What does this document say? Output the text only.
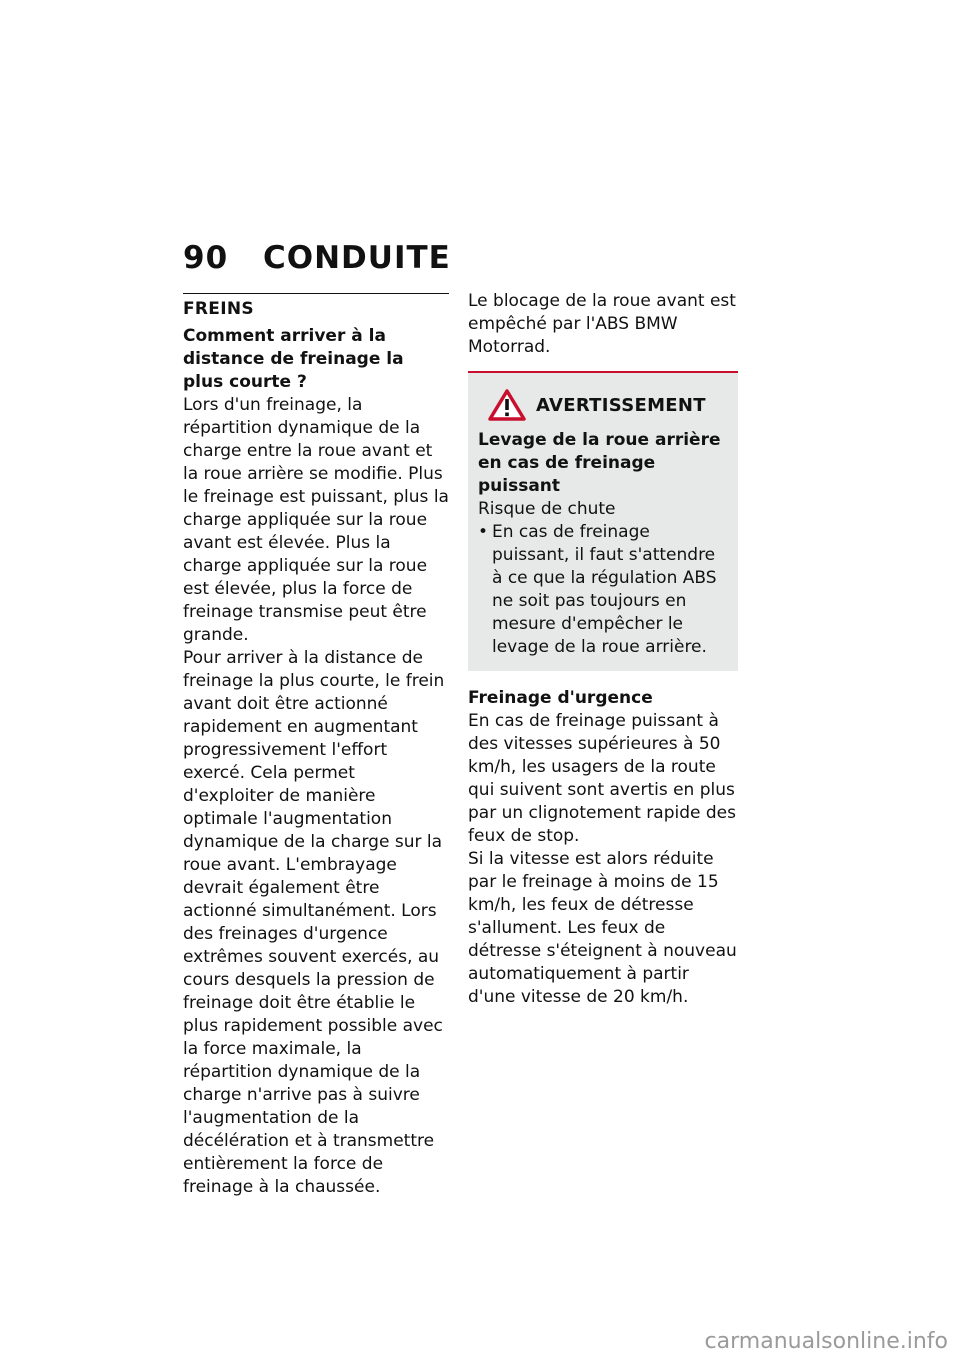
90	CONDUITE
FREINS
Comment arriver à la distance de freinage la plus courte ?

Lors d'un freinage, la répartition dynamique de la charge entre la roue avant et la roue arrière se modifie. Plus le freinage est puissant, plus la charge appliquée sur la roue avant est élevée. Plus la charge appliquée sur la roue est élevée, plus la force de freinage transmise peut être grande.

Pour arriver à la distance de freinage la plus courte, le frein avant doit être actionné rapidement en augmentant progressivement l'effort exercé. Cela permet d'exploiter de manière optimale l'augmentation dynamique de la charge sur la roue avant. L'embrayage devrait également être actionné simultanément. Lors des freinages d'urgence extrêmes souvent exercés, au cours desquels la pression de freinage doit être établie le plus rapidement possible avec la force maximale, la répartition dynamique de la charge n'arrive pas à suivre l'augmentation de la décélération et à transmettre entièrement la force de freinage à la chaussée.

Le blocage de la roue avant est empêché par l'ABS BMW Motorrad.

AVERTISSEMENT
Levage de la roue arrière en cas de freinage puissant

Risque de chute

• En cas de freinage puissant, il faut s'attendre à ce que la régulation ABS ne soit pas toujours en mesure d'empêcher le levage de la roue arrière.
Freinage d'urgence

En cas de freinage puissant à des vitesses supérieures à 50 km/h, les usagers de la route qui suivent sont avertis en plus par un clignotement rapide des feux de stop.

Si la vitesse est alors réduite par le freinage à moins de 15 km/h, les feux de détresse s'allument. Les feux de détresse s'éteignent à nouveau automatiquement à partir d'une vitesse de 20 km/h.

carmanualsonline.info
